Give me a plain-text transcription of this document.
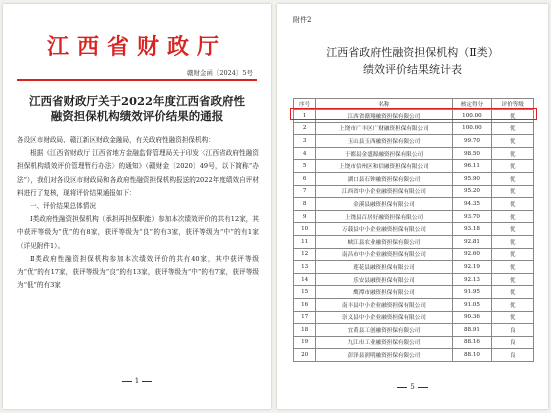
江西省财政厅
赣财金函〔2024〕5号
江西省财政厅关于2022年度江西省政府性
融资担保机构绩效评价结果的通报

各设区市财政局、赣江新区财政金融局，有关政府性融资担保机构：

根据《江西省财政厅 江西省地方金融监督管理局关于印发〈江西省政府性融资担保机构绩效评价管理暂行办法〉的通知》（赣财金〔2020〕49号，以下简称“办法”），我们对各设区市财政局和各政府性融资担保机构报送的2022年度绩效自评材料进行了复核，现将评价结果通报如下：

一、评价结果总体情况

Ⅰ类政府性融资担保机构（承担再担保职能）参加本次绩效评价的共有12家，其中获评等级为“优”的有8家，获评等级为“良”的有3家，获评等级为“中”的有1家（详见附件1）。

Ⅱ类政府性融资担保机构参加本次绩效评价的共有40家，其中获评等级为“优”的有17家，获评等级为“良”的有13家，获评等级为“中”的有7家，获评等级为“低”的有3家

1
附件2
江西省政府性融资担保机构（Ⅱ类）
绩效评价结果统计表
序号	名称	核定得分	评价等级
1	江西省赣翔融资担保有限公司	100.00	优
2	上饶市广丰区广财融资担保有限公司	100.00	优
3	玉山县玉西融资担保有限公司	99.70	优
4	于都县金盛源融资担保有限公司	98.50	优
5	上饶市信州区和信融资担保有限公司	96.11	优
6	湖口县石钟融资担保有限公司	95.90	优
7	江西省中小企业融资担保有限公司	95.20	优
8	金溪县融资担保有限公司	94.35	优
9	上饶县百居好融资担保有限公司	93.70	优
10	万载县中小企业融资担保有限公司	93.18	优
11	峡江县农业融资担保有限公司	92.81	优
12	南昌市中小企业融资担保有限公司	92.60	优
13	莲花县融资担保有限公司	92.19	优
14	乐安县融资担保有限公司	92.13	优
15	鹰潭市融资担保有限公司	91.95	优
16	南丰县中小企业融资担保有限公司	91.05	优
17	崇义县中小企业融资担保有限公司	90.36	优
18	宜黄县工创融资担保有限公司	88.91	良
19	九江市工业融资担保有限公司	88.16	良
20	彭泽县润明融资担保有限公司	88.10	良
5
